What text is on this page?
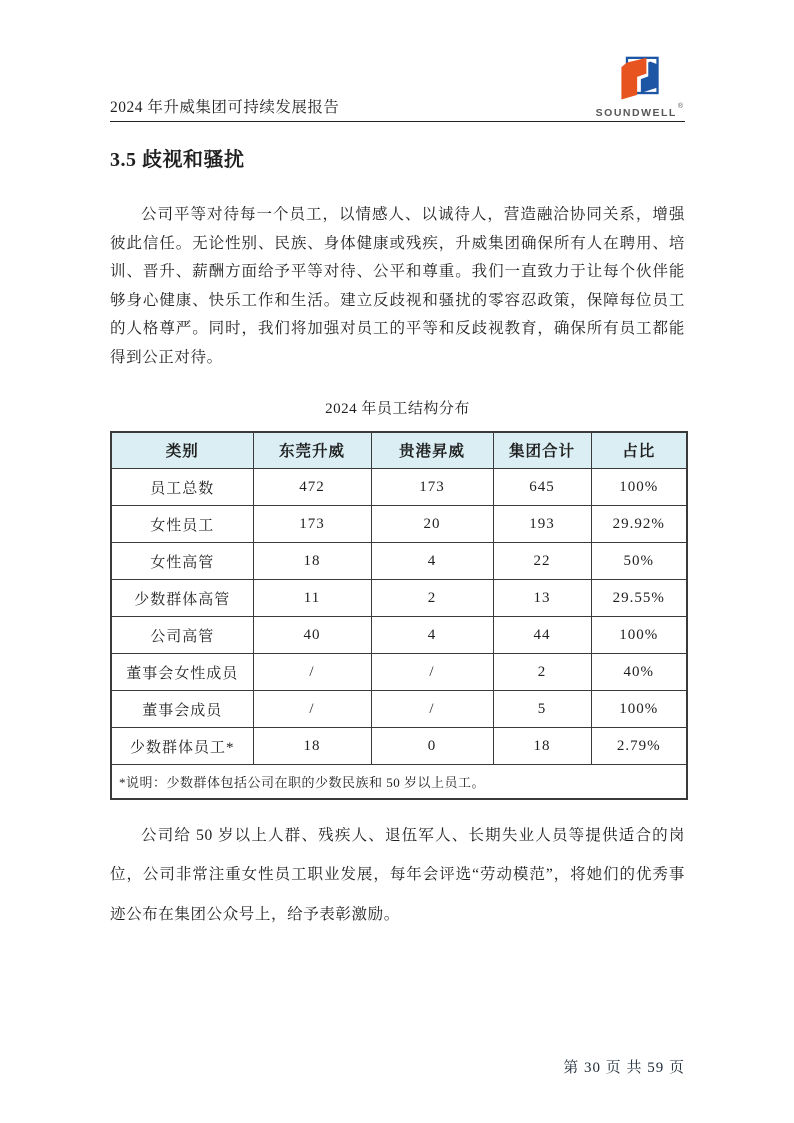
2024 年升威集团可持续发展报告	SOUNDWELL
®
3.5 歧视和骚扰

公司平等对待每一个员工，以情感人、以诚待人，营造融洽协同关系，增强彼此信任。无论性别、民族、身体健康或残疾，升威集团确保所有人在聘用、培训、晋升、薪酬方面给予平等对待、公平和尊重。我们一直致力于让每个伙伴能够身心健康、快乐工作和生活。建立反歧视和骚扰的零容忍政策，保障每位员工的人格尊严。同时，我们将加强对员工的平等和反歧视教育，确保所有员工都能得到公正对待。

2024 年员工结构分布
类别	东莞升威	贵港昇威	集团合计	占比
员工总数	472	173	645	100%
女性员工	173	20	193	29.92%
女性高管	18	4	22	50%
少数群体高管	11	2	13	29.55%
公司高管	40	4	44	100%
董事会女性成员	/	/	2	40%
董事会成员	/	/	5	100%
少数群体员工*	18	0	18	2.79%
*说明：少数群体包括公司在职的少数民族和 50 岁以上员工。				

公司给 50 岁以上人群、残疾人、退伍军人、长期失业人员等提供适合的岗位，公司非常注重女性员工职业发展，每年会评选“劳动模范”，将她们的优秀事迹公布在集团公众号上，给予表彰激励。

第 30 页 共 59 页
